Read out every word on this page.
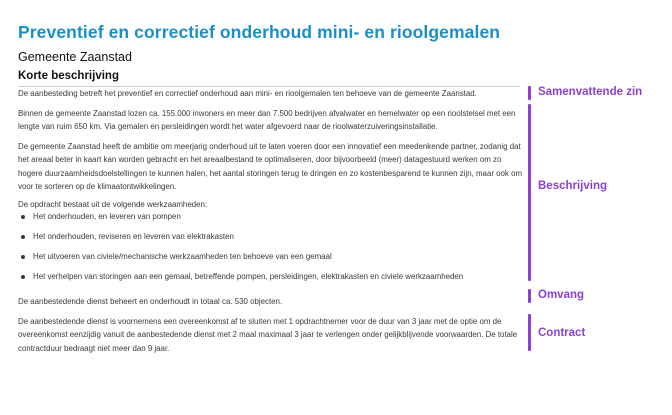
Preventief en correctief onderhoud mini- en rioolgemalen
Gemeente Zaanstad
Korte beschrijving

De aanbesteding betreft het preventief en correctief onderhoud aan mini- en rioolgemalen ten behoeve van de gemeente Zaanstad.

Binnen de gemeente Zaanstad lozen ca. 155.000 inwoners en meer dan 7.500 bedrijven afvalwater en hemelwater op een rioolstelsel met een lengte van ruim 650 km. Via gemalen en persleidingen wordt het water afgevoerd naar de rioolwaterzuiveringsinstallatie.

De gemeente Zaanstad heeft de ambitie om meerjarig onderhoud uit te laten voeren door een innovatief een meedenkende partner, zodanig dat het areaal beter in kaart kan worden gebracht en het areaalbestand te optimaliseren, door bijvoorbeeld (meer) datagestuurd werken om zo hogere duurzaamheidsdoelstellingen te kunnen halen, het aantal storingen terug te dringen en zo kostenbesparend te kunnen zijn, maar ook om voor te sorteren op de klimaatontwikkelingen.

De opdracht bestaat uit de volgende werkzaamheden:

Het onderhouden, en leveren van pompen
Het onderhouden, reviseren en leveren van elektrakasten
Het uitvoeren van civiele/mechanische werkzaamheden ten behoeve van een gemaal
Het verhelpen van storingen aan een gemaal, betreffende pompen, persleidingen, elektrakasten en civiele werkzaamheden

De aanbestedende dienst beheert en onderhoudt in totaal ca. 530 objecten.

De aanbestedende dienst is voornemens een overeenkomst af te sluiten met 1 opdrachtnemer voor de duur van 3 jaar met de optie om de overeenkomst eenzijdig vanuit de aanbestedende dienst met 2 maal maximaal 3 jaar te verlengen onder gelijkblijvende voorwaarden. De totale contractduur bedraagt niet meer dan 9 jaar.

Samenvattende zin
Beschrijving
Omvang
Contract
